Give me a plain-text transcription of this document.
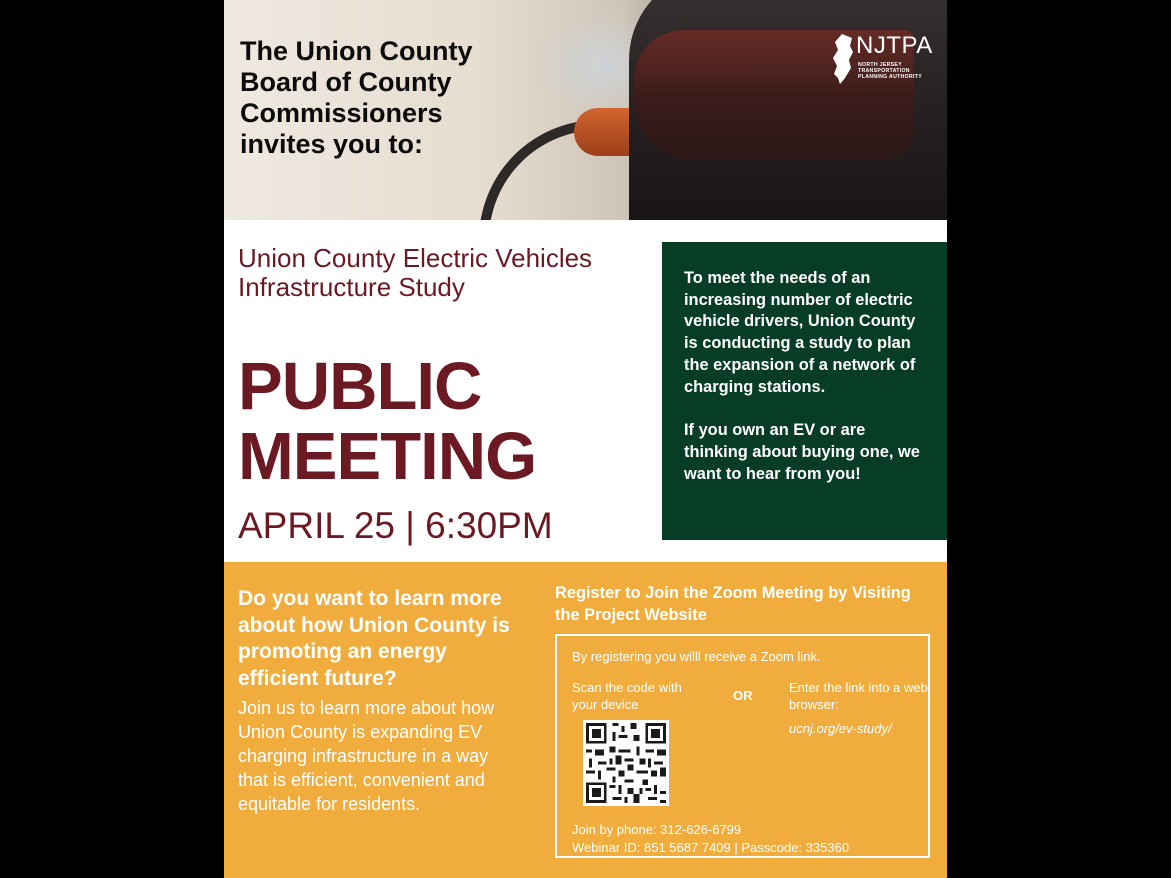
The Union County Board of County Commissioners invites you to:
NJTPA
NORTH JERSEY TRANSPORTATION PLANNING AUTHORITY
Union County Electric Vehicles Infrastructure Study
PUBLIC MEETING
APRIL 25 | 6:30PM

To meet the needs of an increasing number of electric vehicle drivers, Union County is conducting a study to plan the expansion of a network of charging stations.

If you own an EV or are thinking about buying one, we want to hear from you!

Do you want to learn more about how Union County is promoting an energy efficient future?

Join us to learn more about how Union County is expanding EV charging infrastructure in a way that is efficient, convenient and equitable for residents.

Register to Join the Zoom Meeting by Visiting the Project Website
By registering you willl receive a Zoom link.
Scan the code with your device
OR
Enter the link into a web browser:
ucnj.org/ev-study/
Join by phone: 312-626-6799
Webinar ID: 851 5687 7409 | Passcode: 335360
